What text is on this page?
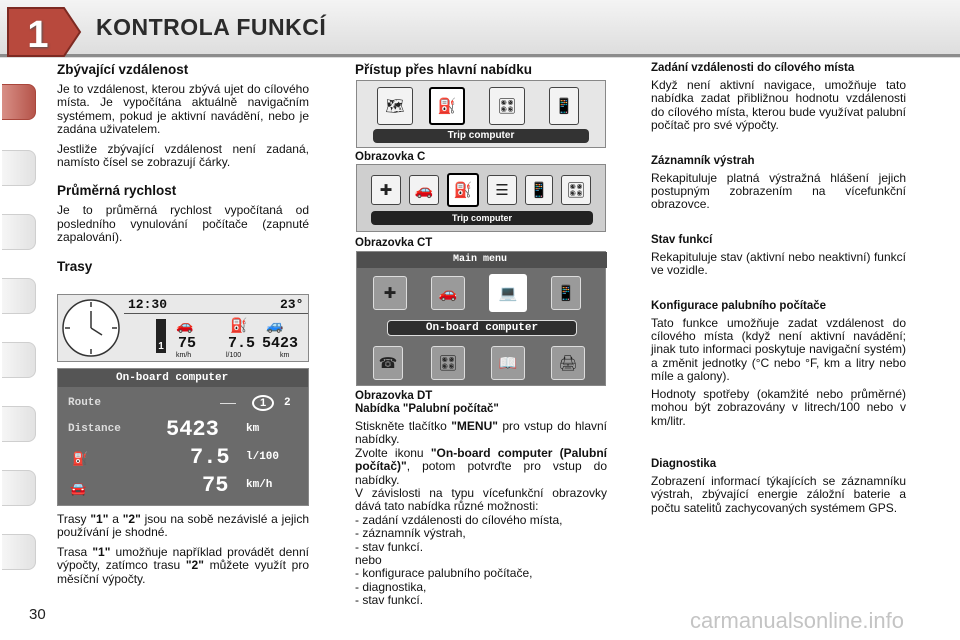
1	KONTROLA FUNKCÍ
Zbývající vzdálenost
Je to vzdálenost, kterou zbývá ujet do cílového místa. Je vypočítána aktuálně navigačním systémem, pokud je aktivní navádění, nebo je zadána uživatelem.
Jestliže zbývající vzdálenost není zadaná, namísto čísel se zobrazují čárky.
Průměrná rychlost
Je to průměrná rychlost vypočítaná od posledního vynulování počítače (zapnuté zapalování).
Trasy
12:30	23°
1
🚗	⛽ 🚙
75 7.5 5423
km/h	l/100	km
On-board computer
Route	1	2
Distance 5423 km
⛽	7.5 l/100
🚘	75 km/h
Trasy "1" a "2" jsou na sobě nezávislé a jejich používání je shodné.
Trasa "1" umožňuje například provádět denní výpočty, zatímco trasu "2" můžete využít pro měsíční výpočty.
30
Přístup přes hlavní nabídku
🗺	⛽	🎛	📱
Trip computer
Obrazovka C
✚	🚗	⛽	☰	📱	🎛
Trip computer
Obrazovka CT
Main menu
✚	🚗	💻	📱
On-board computer
☎	🎛	📖	🖨
Obrazovka DT
Nabídka "Palubní počítač"
Stiskněte tlačítko "MENU" pro vstup do hlavní nabídky.
Zvolte ikonu "On-board computer (Palubní počítač)", potom potvrďte pro vstup do nabídky.
V závislosti na typu vícefunkční obrazovky dává tato nabídka různé možnosti:
- zadání vzdálenosti do cílového místa,
- záznamník výstrah,
- stav funkcí.
nebo
- konfigurace palubního počítače,
- diagnostika,
- stav funkcí.
Zadání vzdálenosti do cílového místa
Když není aktivní navigace, umožňuje tato nabídka zadat přibližnou hodnotu vzdálenosti do cílového místa, kterou bude využívat palubní počítač pro své výpočty.
Záznamník výstrah
Rekapituluje platná výstražná hlášení jejich postupným zobrazením na vícefunkční obrazovce.
Stav funkcí
Rekapituluje stav (aktivní nebo neaktivní) funkcí ve vozidle.
Konfigurace palubního počítače
Tato funkce umožňuje zadat vzdálenost do cílového místa (když není aktivní navádění; jinak tuto informaci poskytuje navigační systém) a změnit jednotky (°C nebo °F, km a litry nebo míle a galony).
Hodnoty spotřeby (okamžité nebo průměrné) mohou být zobrazovány v litrech/100 nebo v km/litr.
Diagnostika
Zobrazení informací týkajících se záznamníku výstrah, zbývající energie záložní baterie a počtu satelitů zachycovaných systémem GPS.
carmanualsonline.info
